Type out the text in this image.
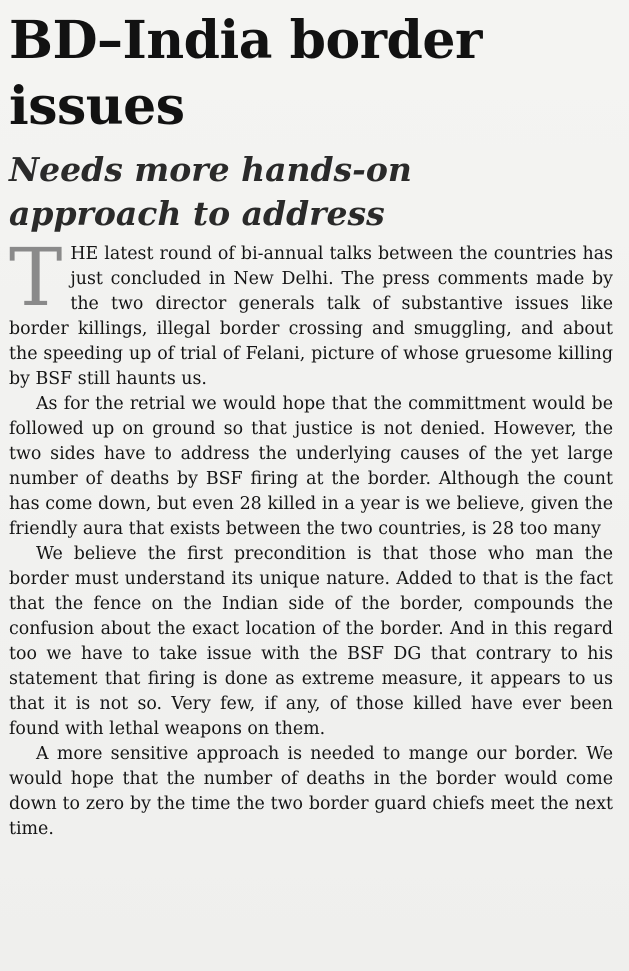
BD–India border issues
Needs more hands-on approach to address

T HE latest round of bi-annual talks between the countries has just concluded in New Delhi. The press comments made by the two director generals talk of substantive issues like border killings, illegal border crossing and smuggling, and about the speeding up of trial of Felani, picture of whose gruesome killing by BSF still haunts us.

As for the retrial we would hope that the committment would be followed up on ground so that justice is not denied. However, the two sides have to address the underlying causes of the yet large number of deaths by BSF firing at the border. Although the count has come down, but even 28 killed in a year is we believe, given the friendly aura that exists between the two countries, is 28 too many

We believe the first precondition is that those who man the border must understand its unique nature. Added to that is the fact that the fence on the Indian side of the border, compounds the confusion about the exact location of the border. And in this regard too we have to take issue with the BSF DG that contrary to his statement that firing is done as extreme measure, it appears to us that it is not so. Very few, if any, of those killed have ever been found with lethal weapons on them.

A more sensitive approach is needed to mange our border. We would hope that the number of deaths in the border would come down to zero by the time the two border guard chiefs meet the next time.
